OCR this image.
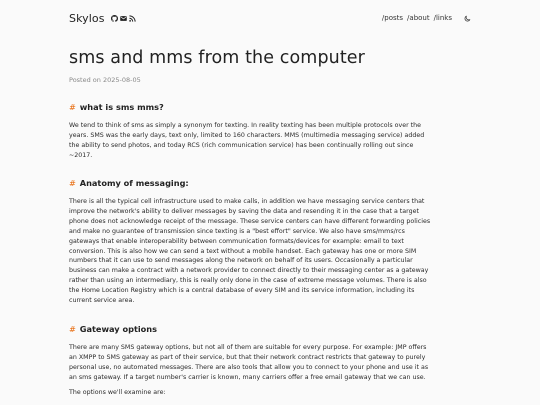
Skylos	/posts /about /links
sms and mms from the computer
Posted on 2025-08-05
# what is sms mms?
We tend to think of sms as simply a synonym for texting. In reality texting has been multiple protocols over the
years. SMS was the early days, text only, limited to 160 characters. MMS (multimedia messaging service) added
the ability to send photos, and today RCS (rich communication service) has been continually rolling out since
~2017.
# Anatomy of messaging:
There is all the typical cell infrastructure used to make calls, in addition we have messaging service centers that
improve the network's ability to deliver messages by saving the data and resending it in the case that a target
phone does not acknowledge receipt of the message. These service centers can have different forwarding policies
and make no guarantee of transmission since texting is a "best effort" service. We also have sms/mms/rcs
gateways that enable interoperability between communication formats/devices for example: email to text
conversion. This is also how we can send a text without a mobile handset. Each gateway has one or more SIM
numbers that it can use to send messages along the network on behalf of its users. Occasionally a particular
business can make a contract with a network provider to connect directly to their messaging center as a gateway
rather than using an intermediary, this is really only done in the case of extreme message volumes. There is also
the Home Location Registry which is a central database of every SIM and its service information, including its
current service area.
# Gateway options
There are many SMS gateway options, but not all of them are suitable for every purpose. For example: JMP offers
an XMPP to SMS gateway as part of their service, but that their network contract restricts that gateway to purely
personal use, no automated messages. There are also tools that allow you to connect to your phone and use it as
an sms gateway. If a target number's carrier is known, many carriers offer a free email gateway that we can use.
The options we'll examine are:
